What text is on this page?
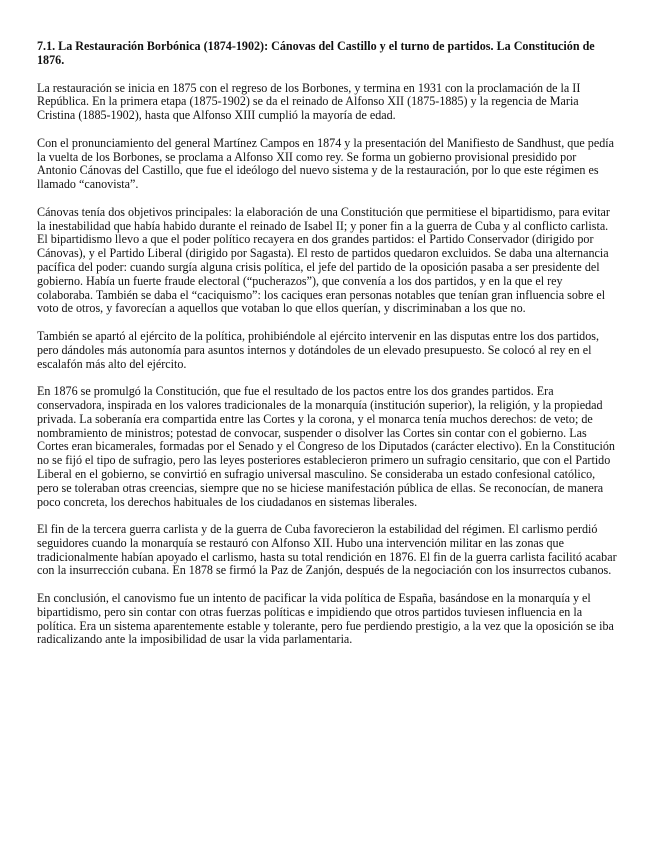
7.1. La Restauración Borbónica (1874-1902): Cánovas del Castillo y el turno de partidos. La Constitución de 1876.

La restauración se inicia en 1875 con el regreso de los Borbones, y termina en 1931 con la proclamación de la II República. En la primera etapa (1875-1902) se da el reinado de Alfonso XII (1875-1885) y la regencia de Maria Cristina (1885-1902), hasta que Alfonso XIII cumplió la mayoría de edad.

Con el pronunciamiento del general Martínez Campos en 1874 y la presentación del Manifiesto de Sandhust, que pedía la vuelta de los Borbones, se proclama a Alfonso XII como rey. Se forma un gobierno provisional presidido por Antonio Cánovas del Castillo, que fue el ideólogo del nuevo sistema y de la restauración, por lo que este régimen es llamado “canovista”.

Cánovas tenía dos objetivos principales: la elaboración de una Constitución que permitiese el bipartidismo, para evitar la inestabilidad que había habido durante el reinado de Isabel II; y poner fin a la guerra de Cuba y al conflicto carlista. El bipartidismo llevo a que el poder político recayera en dos grandes partidos: el Partido Conservador (dirigido por Cánovas), y el Partido Liberal (dirigido por Sagasta). El resto de partidos quedaron excluidos. Se daba una alternancia pacífica del poder: cuando surgía alguna crisis política, el jefe del partido de la oposición pasaba a ser presidente del gobierno. Había un fuerte fraude electoral (“pucherazos”), que convenía a los dos partidos, y en la que el rey colaboraba. También se daba el “caciquismo”: los caciques eran personas notables que tenían gran influencia sobre el voto de otros, y favorecían a aquellos que votaban lo que ellos querían, y discriminaban a los que no.

También se apartó al ejército de la política, prohibiéndole al ejército intervenir en las disputas entre los dos partidos, pero dándoles más autonomía para asuntos internos y dotándoles de un elevado presupuesto. Se colocó al rey en el escalafón más alto del ejército.

En 1876 se promulgó la Constitución, que fue el resultado de los pactos entre los dos grandes partidos. Era conservadora, inspirada en los valores tradicionales de la monarquía (institución superior), la religión, y la propiedad privada. La soberanía era compartida entre las Cortes y la corona, y el monarca tenía muchos derechos: de veto; de nombramiento de ministros; potestad de convocar, suspender o disolver las Cortes sin contar con el gobierno. Las Cortes eran bicamerales, formadas por el Senado y el Congreso de los Diputados (carácter electivo). En la Constitución no se fijó el tipo de sufragio, pero las leyes posteriores establecieron primero un sufragio censitario, que con el Partido Liberal en el gobierno, se convirtió en sufragio universal masculino. Se consideraba un estado confesional católico, pero se toleraban otras creencias, siempre que no se hiciese manifestación pública de ellas. Se reconocían, de manera poco concreta, los derechos habituales de los ciudadanos en sistemas liberales.

El fin de la tercera guerra carlista y de la guerra de Cuba favorecieron la estabilidad del régimen. El carlismo perdió seguidores cuando la monarquía se restauró con Alfonso XII. Hubo una intervención militar en las zonas que tradicionalmente habían apoyado el carlismo, hasta su total rendición en 1876. El fin de la guerra carlista facilitó acabar con la insurrección cubana. En 1878 se firmó la Paz de Zanjón, después de la negociación con los insurrectos cubanos.

En conclusión, el canovismo fue un intento de pacificar la vida política de España, basándose en la monarquía y el bipartidismo, pero sin contar con otras fuerzas políticas e impidiendo que otros partidos tuviesen influencia en la política. Era un sistema aparentemente estable y tolerante, pero fue perdiendo prestigio, a la vez que la oposición se iba radicalizando ante la imposibilidad de usar la vida parlamentaria.
